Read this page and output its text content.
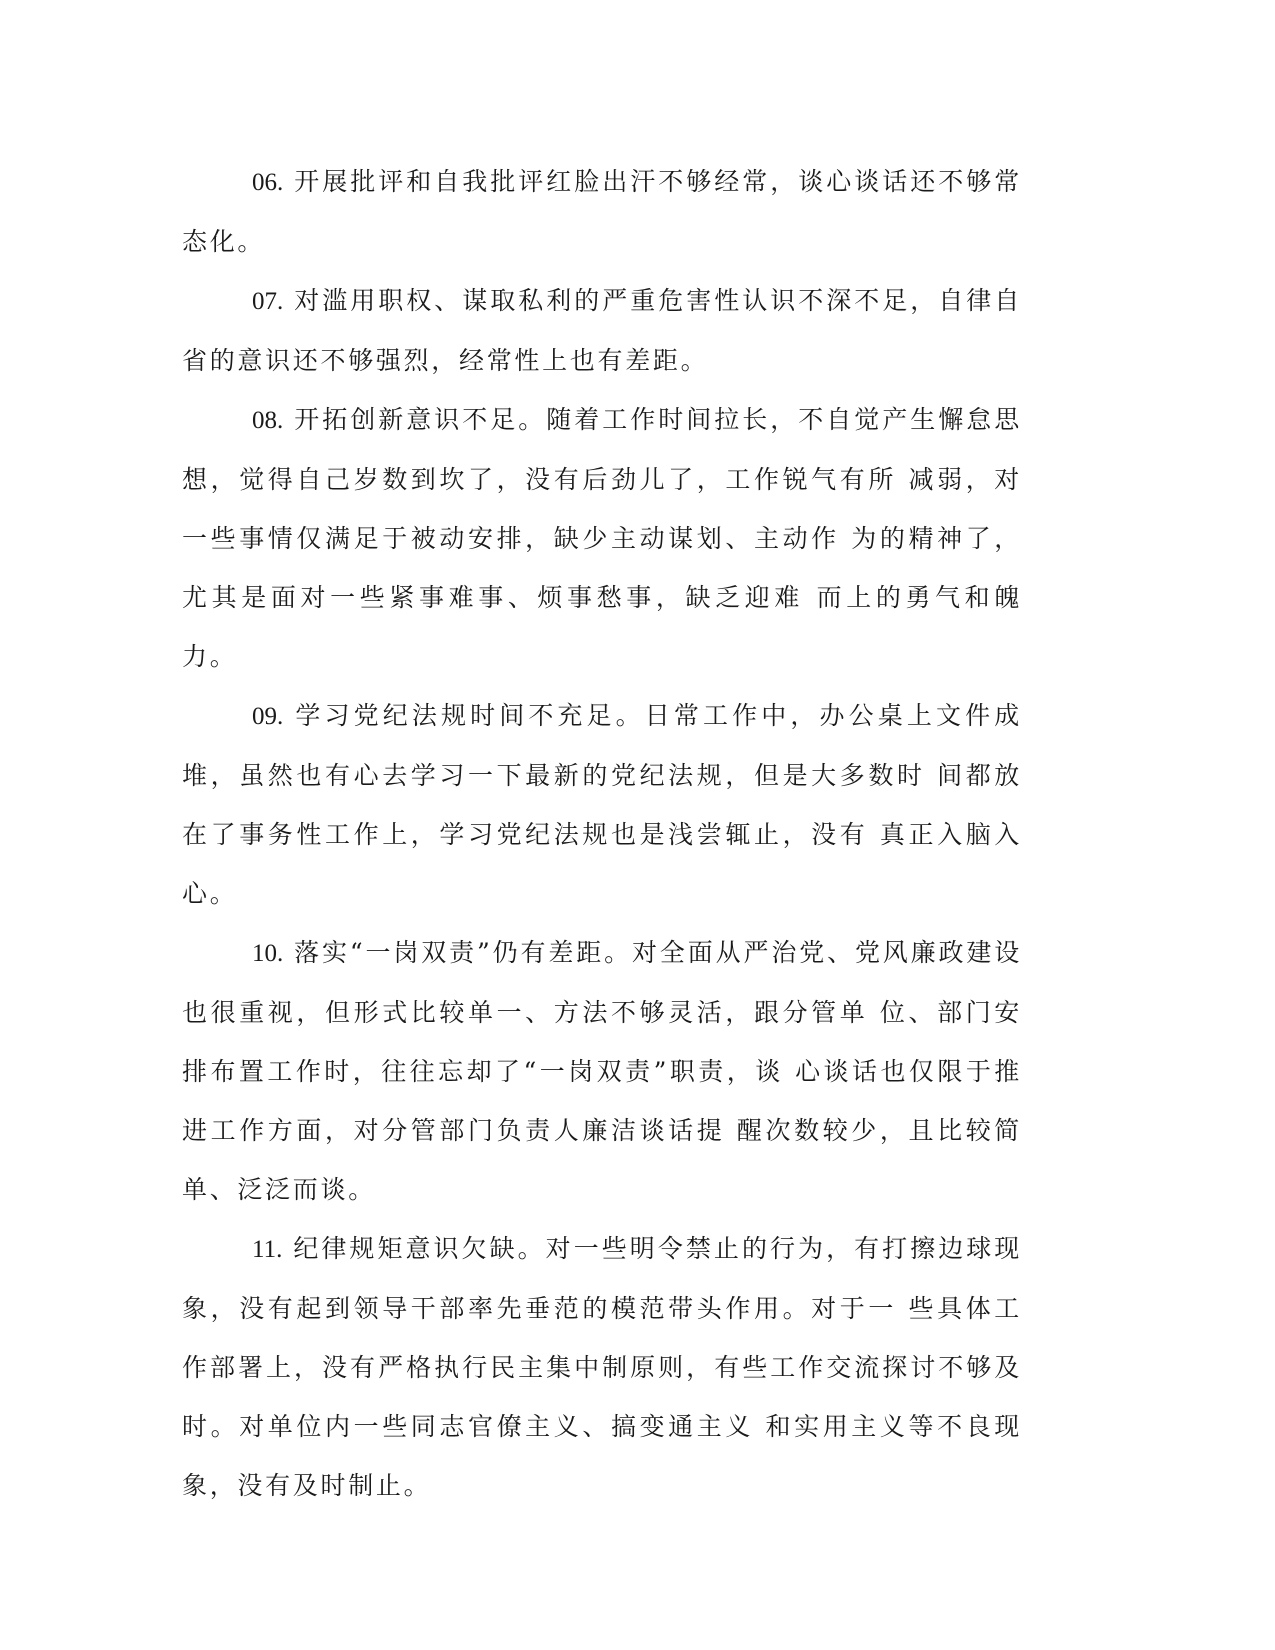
06. 开展批评和自我批评红脸出汗不够经常，谈心谈话还不够常态化。

07. 对滥用职权、谋取私利的严重危害性认识不深不足，自律自省的意识还不够强烈，经常性上也有差距。

08. 开拓创新意识不足。随着工作时间拉长，不自觉产生懈怠思想，觉得自己岁数到坎了，没有后劲儿了，工作锐气有所 减弱，对一些事情仅满足于被动安排，缺少主动谋划、主动作 为的精神了，尤其是面对一些紧事难事、烦事愁事，缺乏迎难 而上的勇气和魄力。

09. 学习党纪法规时间不充足。日常工作中，办公桌上文件成堆，虽然也有心去学习一下最新的党纪法规，但是大多数时 间都放在了事务性工作上，学习党纪法规也是浅尝辄止，没有 真正入脑入心。

10. 落实“一岗双责”仍有差距。对全面从严治党、党风廉政建设也很重视，但形式比较单一、方法不够灵活，跟分管单 位、部门安排布置工作时，往往忘却了“一岗双责”职责，谈 心谈话也仅限于推进工作方面，对分管部门负责人廉洁谈话提 醒次数较少，且比较简单、泛泛而谈。

11. 纪律规矩意识欠缺。对一些明令禁止的行为，有打擦边球现象，没有起到领导干部率先垂范的模范带头作用。对于一 些具体工作部署上，没有严格执行民主集中制原则，有些工作交流探讨不够及时。对单位内一些同志官僚主义、搞变通主义 和实用主义等不良现象，没有及时制止。
